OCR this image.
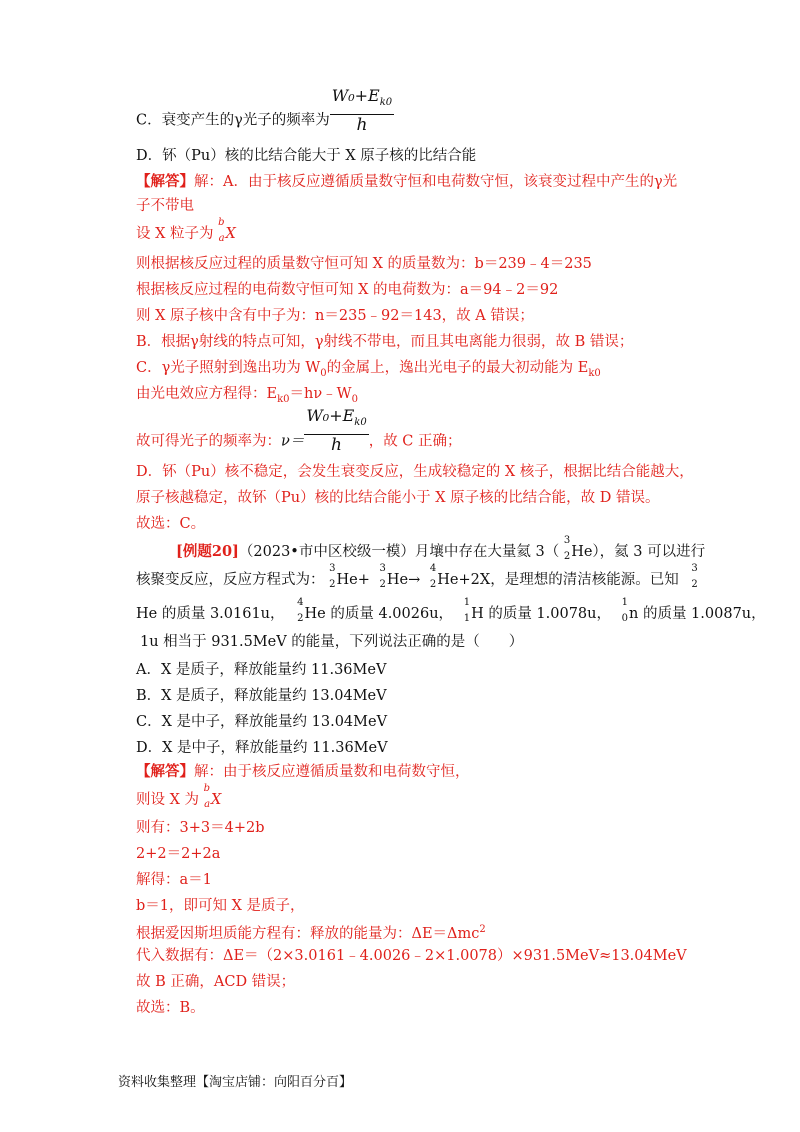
C．衰变产生的γ光子的频率为 $\frac{W_0+E_{k0}}{h}$
D．钚（Pu）核的比结合能大于 X 原子核的比结合能
【解答】解：A．由于核反应遵循质量数守恒和电荷数守恒，该衰变过程中产生的γ光
子不带电
设 X 粒子为
b
a X
则根据核反应过程的质量数守恒可知 X 的质量数为：b＝239﹣4＝235
根据核反应过程的电荷数守恒可知 X 的电荷数为：a＝94﹣2＝92
则 X 原子核中含有中子为：n＝235﹣92＝143，故 A 错误；
B．根据γ射线的特点可知，γ射线不带电，而且其电离能力很弱，故 B 错误；
C．γ光子照射到逸出功为 $W_0$的金属上，逸出光电子的最大初动能为 $E_{k0}$
由光电效应方程得：$E_{k0}=h\nu﹣W_0$
故可得光子的频率为：$\nu= \frac{W_0+E_{k0}}{h}$ ，故 C 正确；
D．钚（Pu）核不稳定，会发生衰变反应，生成较稳定的 X 核子，根据比结合能越大，
原子核越稳定，故钚（Pu）核的比结合能小于 X 原子核的比结合能，故 D 错误。
故选：C。
[例题20]（2023•市中区校级一模）月壤中存在大量氦 3（
3
2 He），氦 3 可以进行
核聚变反应，反应方程式为：
3
2 He+
3
2 He→
4
2 He+2X，是理想的清洁核能源。已知
3
2
He 的质量 3.0161u，
4
2 He 的质量 4.0026u，
1
1 H 的质量 1.0078u，
1
0 n 的质量 1.0087u，
1u 相当于 931.5MeV 的能量，下列说法正确的是（　　）
A．X 是质子，释放能量约 11.36MeV
B．X 是质子，释放能量约 13.04MeV
C．X 是中子，释放能量约 13.04MeV
D．X 是中子，释放能量约 11.36MeV
【解答】解：由于核反应遵循质量数和电荷数守恒，
则设 X 为
b
a X
则有：3+3＝4+2b
2+2＝2+2a
解得：a＝1
b＝1，即可知 X 是质子，
根据爱因斯坦质能方程有：释放的能量为：ΔE＝Δmc$^2$
代入数据有：ΔE＝（2×3.0161﹣4.0026﹣2×1.0078）×931.5MeV≈13.04MeV
故 B 正确，ACD 错误；
故选：B。
资料收集整理【淘宝店铺：向阳百分百】
